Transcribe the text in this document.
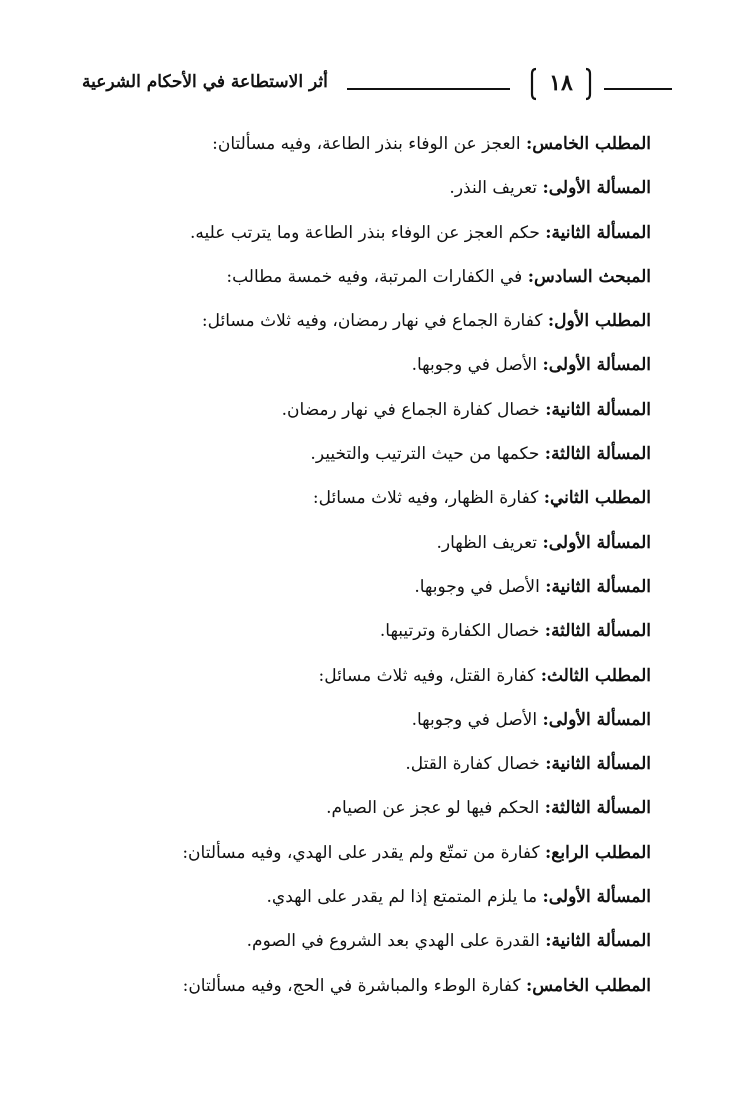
أثر الاستطاعة في الأحكام الشرعية	١٨
المطلب الخامس: العجز عن الوفاء بنذر الطاعة، وفيه مسألتان:
المسألة الأولى: تعريف النذر.
المسألة الثانية: حكم العجز عن الوفاء بنذر الطاعة وما يترتب عليه.
المبحث السادس: في الكفارات المرتبة، وفيه خمسة مطالب:
المطلب الأول: كفارة الجماع في نهار رمضان، وفيه ثلاث مسائل:
المسألة الأولى: الأصل في وجوبها.
المسألة الثانية: خصال كفارة الجماع في نهار رمضان.
المسألة الثالثة: حكمها من حيث الترتيب والتخيير.
المطلب الثاني: كفارة الظهار، وفيه ثلاث مسائل:
المسألة الأولى: تعريف الظهار.
المسألة الثانية: الأصل في وجوبها.
المسألة الثالثة: خصال الكفارة وترتيبها.
المطلب الثالث: كفارة القتل، وفيه ثلاث مسائل:
المسألة الأولى: الأصل في وجوبها.
المسألة الثانية: خصال كفارة القتل.
المسألة الثالثة: الحكم فيها لو عجز عن الصيام.
المطلب الرابع: كفارة من تمتّع ولم يقدر على الهدي، وفيه مسألتان:
المسألة الأولى: ما يلزم المتمتع إذا لم يقدر على الهدي.
المسألة الثانية: القدرة على الهدي بعد الشروع في الصوم.
المطلب الخامس: كفارة الوطء والمباشرة في الحج، وفيه مسألتان:
